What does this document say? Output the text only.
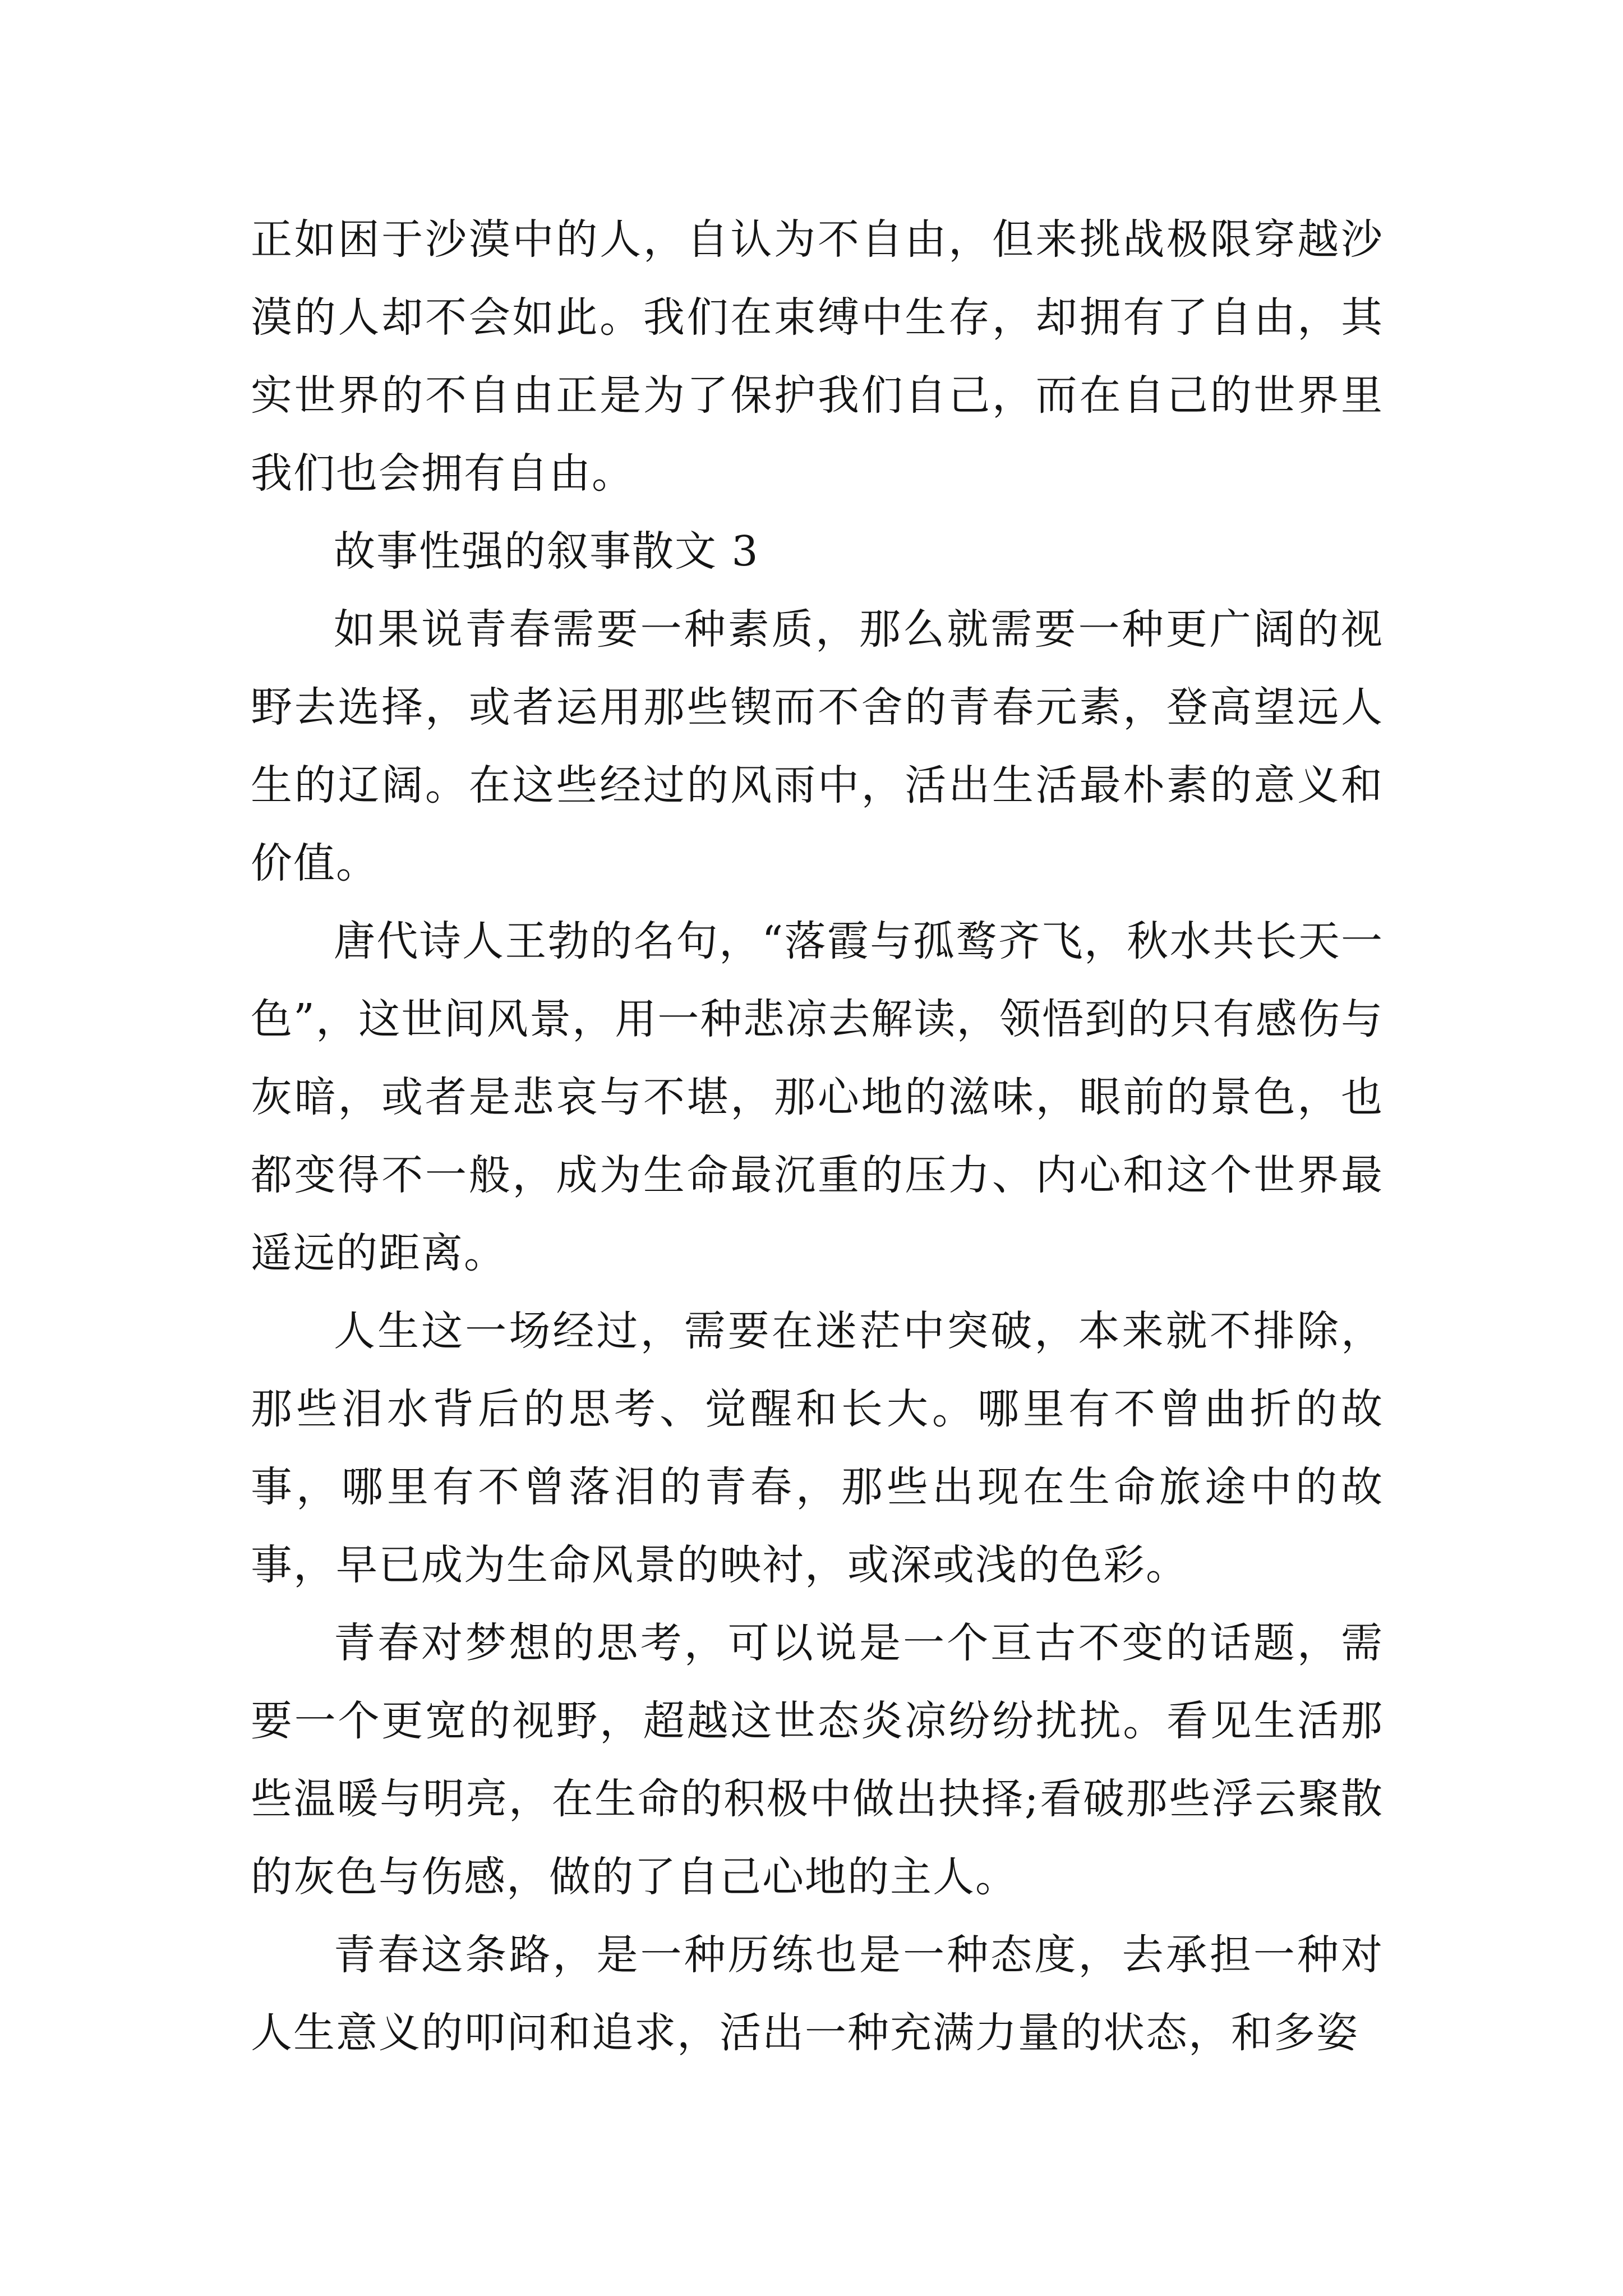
正如困于沙漠中的人，自认为不自由，但来挑战极限穿越沙漠的人却不会如此。我们在束缚中生存，却拥有了自由，其实世界的不自由正是为了保护我们自己，而在自己的世界里我们也会拥有自由。

故事性强的叙事散文 3

如果说青春需要一种素质，那么就需要一种更广阔的视野去选择，或者运用那些锲而不舍的青春元素，登高望远人生的辽阔。在这些经过的风雨中，活出生活最朴素的意义和价值。

唐代诗人王勃的名句，“落霞与孤鹜齐飞，秋水共长天一色”，这世间风景，用一种悲凉去解读，领悟到的只有感伤与灰暗，或者是悲哀与不堪，那心地的滋味，眼前的景色，也都变得不一般，成为生命最沉重的压力、内心和这个世界最遥远的距离。

人生这一场经过，需要在迷茫中突破，本来就不排除，那些泪水背后的思考、觉醒和长大。哪里有不曾曲折的故事，哪里有不曾落泪的青春，那些出现在生命旅途中的故事，早已成为生命风景的映衬，或深或浅的色彩。

青春对梦想的思考，可以说是一个亘古不变的话题，需要一个更宽的视野，超越这世态炎凉纷纷扰扰。看见生活那些温暖与明亮，在生命的积极中做出抉择;看破那些浮云聚散的灰色与伤感，做的了自己心地的主人。

青春这条路，是一种历练也是一种态度，去承担一种对人生意义的叩问和追求，活出一种充满力量的状态，和多姿
